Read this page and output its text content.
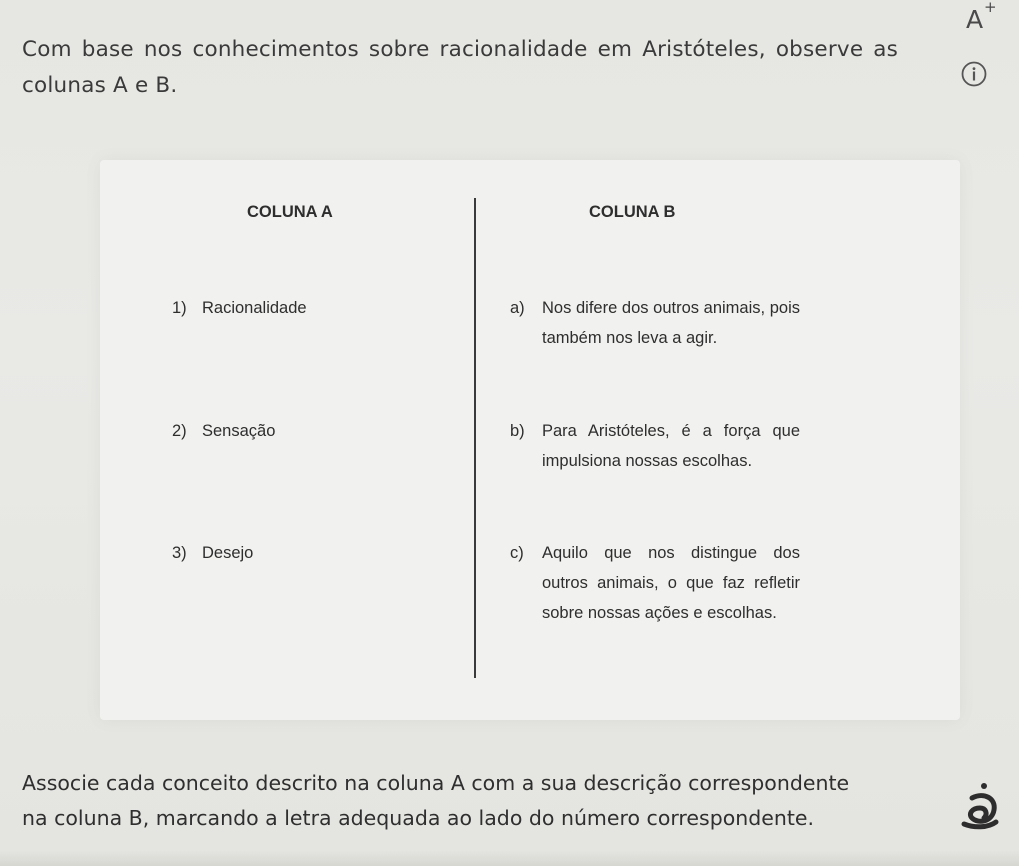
A +
Com base nos conhecimentos sobre racionalidade em Aristóteles, observe as
colunas A e B.
COLUNA A	COLUNA B
1) Racionalidade
2) Sensação
3) Desejo
a) Nos difere dos outros animais, pois também nos leva a agir.
b) Para Aristóteles, é a força que impulsiona nossas escolhas.
c) Aquilo que nos distingue dos outros animais, o que faz refletir sobre nossas ações e escolhas.
Associe cada conceito descrito na coluna A com a sua descrição correspondente
na coluna B, marcando a letra adequada ao lado do número correspondente.
